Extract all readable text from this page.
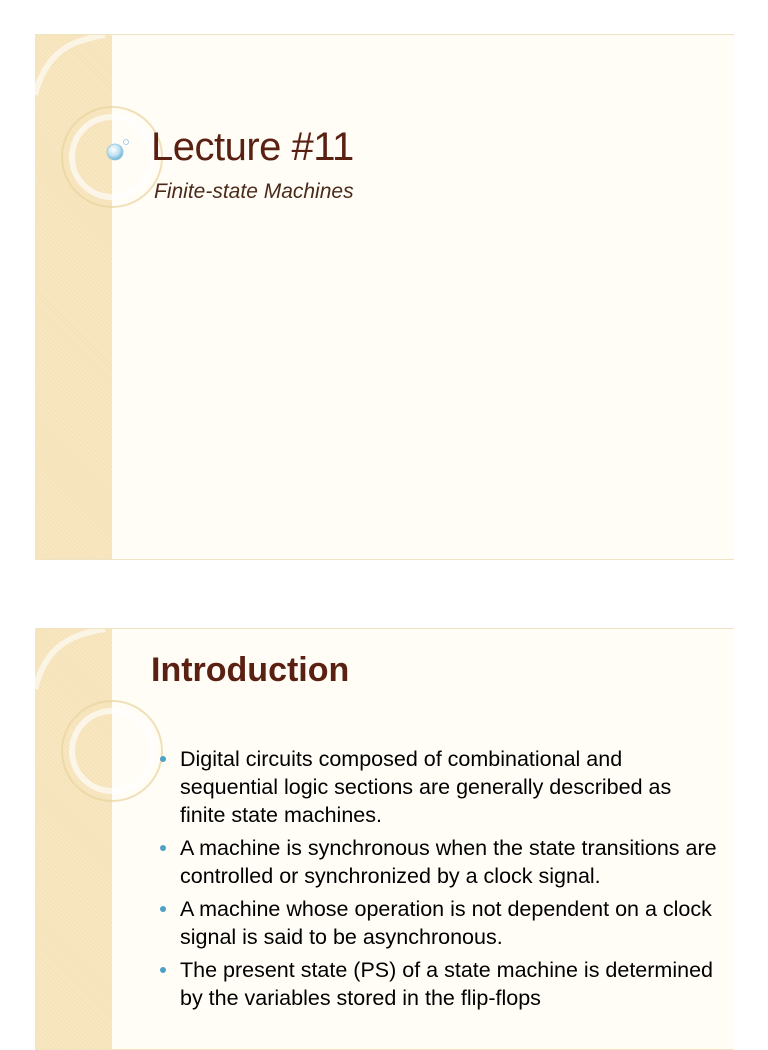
Lecture #11

Finite-state Machines

Introduction
Digital circuits composed of combinational and sequential logic sections are generally described as finite state machines.
A machine is synchronous when the state transitions are controlled or synchronized by a clock signal.
A machine whose operation is not dependent on a clock signal is said to be asynchronous.
The present state (PS) of a state machine is determined by the variables stored in the flip-flops
